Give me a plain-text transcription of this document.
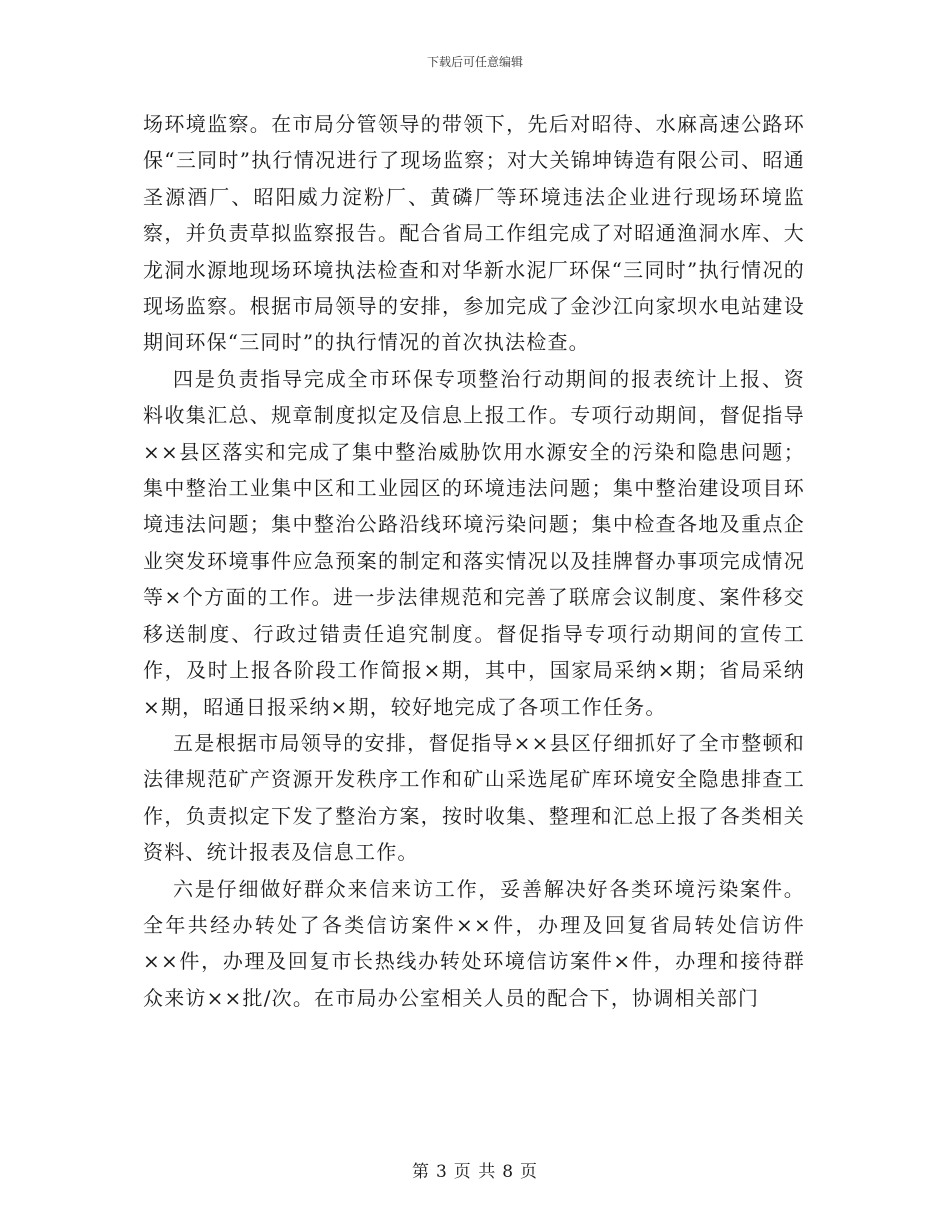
下载后可任意编辑

场环境监察。在市局分管领导的带领下，先后对昭待、水麻高速公路环保“三同时”执行情况进行了现场监察；对大关锦坤铸造有限公司、昭通圣源酒厂、昭阳威力淀粉厂、黄磷厂等环境违法企业进行现场环境监察，并负责草拟监察报告。配合省局工作组完成了对昭通渔洞水库、大龙洞水源地现场环境执法检查和对华新水泥厂环保“三同时”执行情况的现场监察。根据市局领导的安排，参加完成了金沙江向家坝水电站建设期间环保“三同时”的执行情况的首次执法检查。

四是负责指导完成全市环保专项整治行动期间的报表统计上报、资料收集汇总、规章制度拟定及信息上报工作。专项行动期间，督促指导××县区落实和完成了集中整治威胁饮用水源安全的污染和隐患问题；集中整治工业集中区和工业园区的环境违法问题；集中整治建设项目环境违法问题；集中整治公路沿线环境污染问题；集中检查各地及重点企业突发环境事件应急预案的制定和落实情况以及挂牌督办事项完成情况等×个方面的工作。进一步法律规范和完善了联席会议制度、案件移交移送制度、行政过错责任追究制度。督促指导专项行动期间的宣传工作，及时上报各阶段工作简报×期，其中，国家局采纳×期；省局采纳×期，昭通日报采纳×期，较好地完成了各项工作任务。

五是根据市局领导的安排，督促指导××县区仔细抓好了全市整顿和法律规范矿产资源开发秩序工作和矿山采选尾矿库环境安全隐患排查工作，负责拟定下发了整治方案，按时收集、整理和汇总上报了各类相关资料、统计报表及信息工作。

六是仔细做好群众来信来访工作，妥善解决好各类环境污染案件。全年共经办转处了各类信访案件××件，办理及回复省局转处信访件××件，办理及回复市长热线办转处环境信访案件×件，办理和接待群众来访××批/次。在市局办公室相关人员的配合下，协调相关部门

第 3 页 共 8 页
